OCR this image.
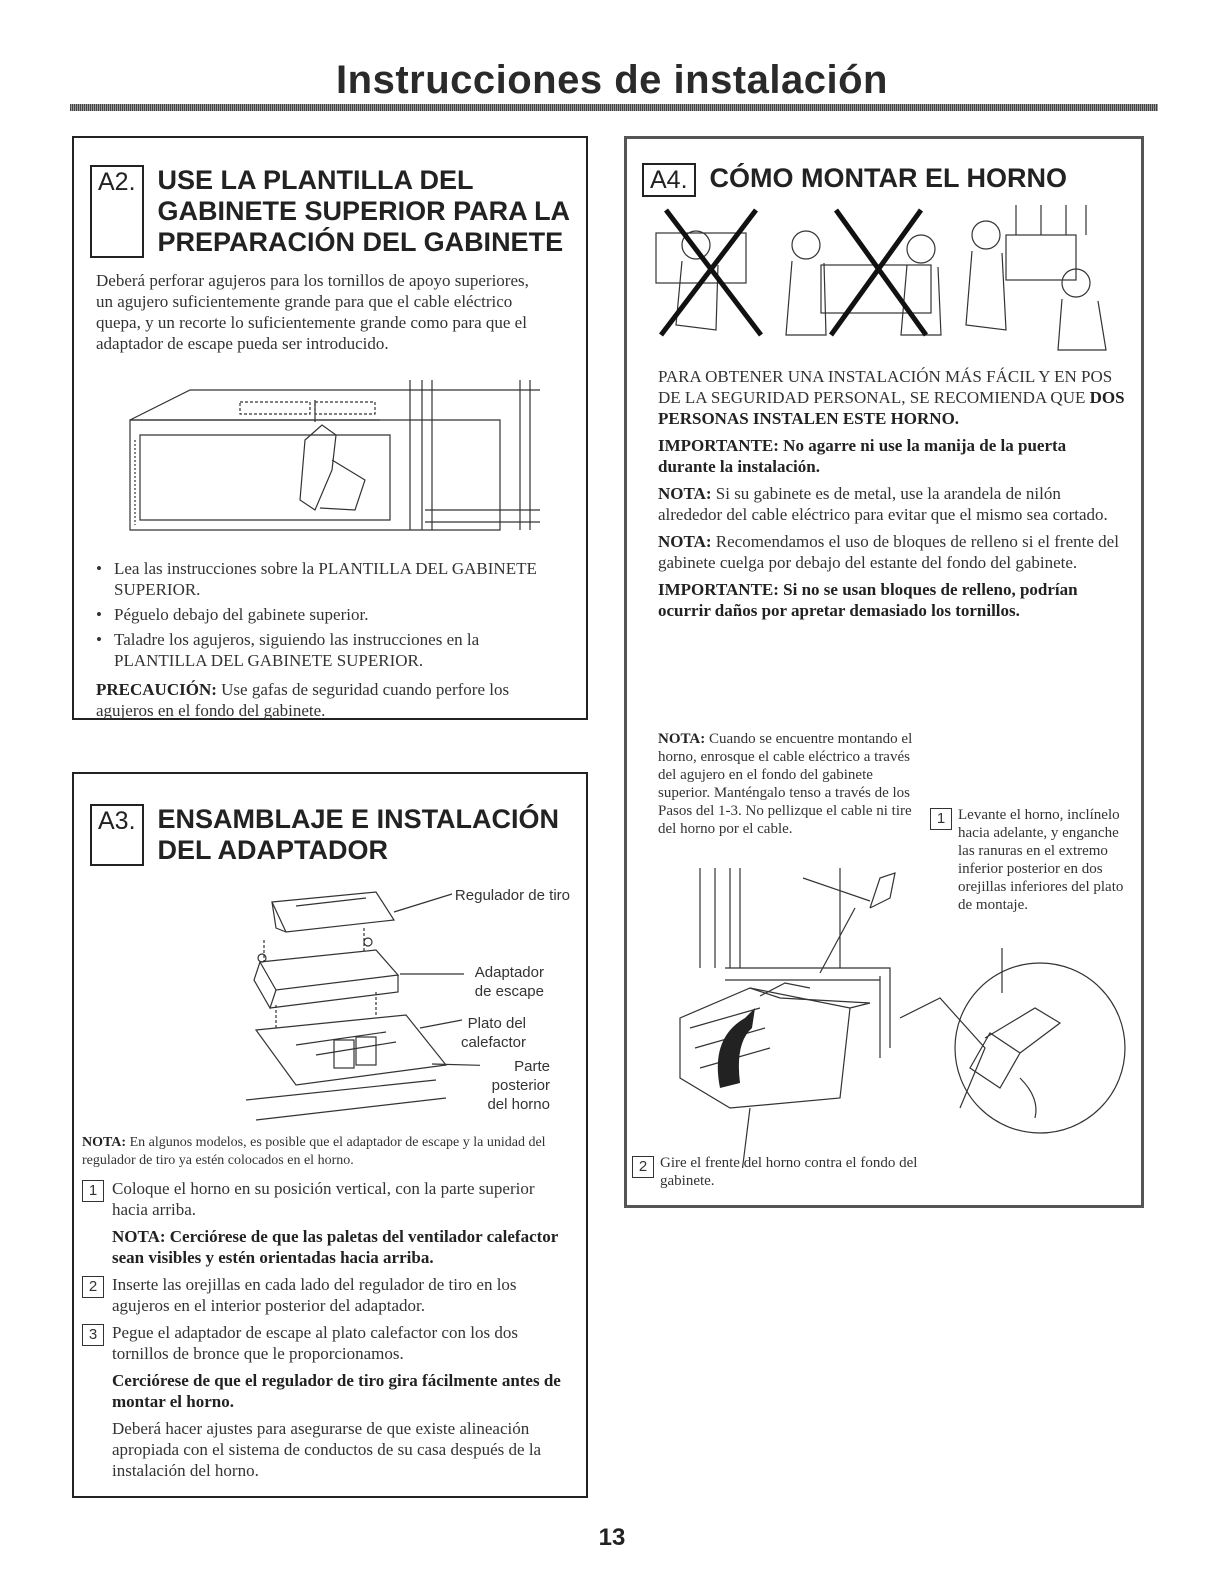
Instrucciones de instalación
A2. USE LA PLANTILLA DEL GABINETE SUPERIOR PARA LA PREPARACIÓN DEL GABINETE
Deberá perforar agujeros para los tornillos de apoyo superiores, un agujero suficientemente grande para que el cable eléctrico quepa, y un recorte lo suficientemente grande como para que el adaptador de escape pueda ser introducido.
• Lea las instrucciones sobre la PLANTILLA DEL GABINETE SUPERIOR.
• Péguelo debajo del gabinete superior.
• Taladre los agujeros, siguiendo las instrucciones en la PLANTILLA DEL GABINETE SUPERIOR.

PRECAUCIÓN: Use gafas de seguridad cuando perfore los agujeros en el fondo del gabinete.

A3. ENSAMBLAJE E INSTALACIÓN DEL ADAPTADOR
Regulador de tiro
Adaptador
de escape
Plato del
calefactor
Parte
posterior
del horno

NOTA: En algunos modelos, es posible que el adaptador de escape y la unidad del regulador de tiro ya estén colocados en el horno.

1 Coloque el horno en su posición vertical, con la parte superior hacia arriba.

NOTA: Cerciórese de que las paletas del ventilador calefactor sean visibles y estén orientadas hacia arriba.

2 Inserte las orejillas en cada lado del regulador de tiro en los agujeros en el interior posterior del adaptador.

3 Pegue el adaptador de escape al plato calefactor con los dos tornillos de bronce que le proporcionamos.

Cerciórese de que el regulador de tiro gira fácilmente antes de montar el horno.

Deberá hacer ajustes para asegurarse de que existe alineación apropiada con el sistema de conductos de su casa después de la instalación del horno.

A4. CÓMO MONTAR EL HORNO

PARA OBTENER UNA INSTALACIÓN MÁS FÁCIL Y EN POS DE LA SEGURIDAD PERSONAL, SE RECOMIENDA QUE DOS PERSONAS INSTALEN ESTE HORNO.

IMPORTANTE: No agarre ni use la manija de la puerta durante la instalación.

NOTA: Si su gabinete es de metal, use la arandela de nilón alrededor del cable eléctrico para evitar que el mismo sea cortado.

NOTA: Recomendamos el uso de bloques de relleno si el frente del gabinete cuelga por debajo del estante del fondo del gabinete.

IMPORTANTE: Si no se usan bloques de relleno, podrían ocurrir daños por apretar demasiado los tornillos.

NOTA: Cuando se encuentre montando el horno, enrosque el cable eléctrico a través del agujero en el fondo del gabinete superior. Manténgalo tenso a través de los Pasos del 1-3. No pellizque el cable ni tire del horno por el cable.
1 Levante el horno, inclínelo hacia adelante, y enganche las ranuras en el extremo inferior posterior en dos orejillas inferiores del plato de montaje.
2 Gire el frente del horno contra el fondo del gabinete.
13
